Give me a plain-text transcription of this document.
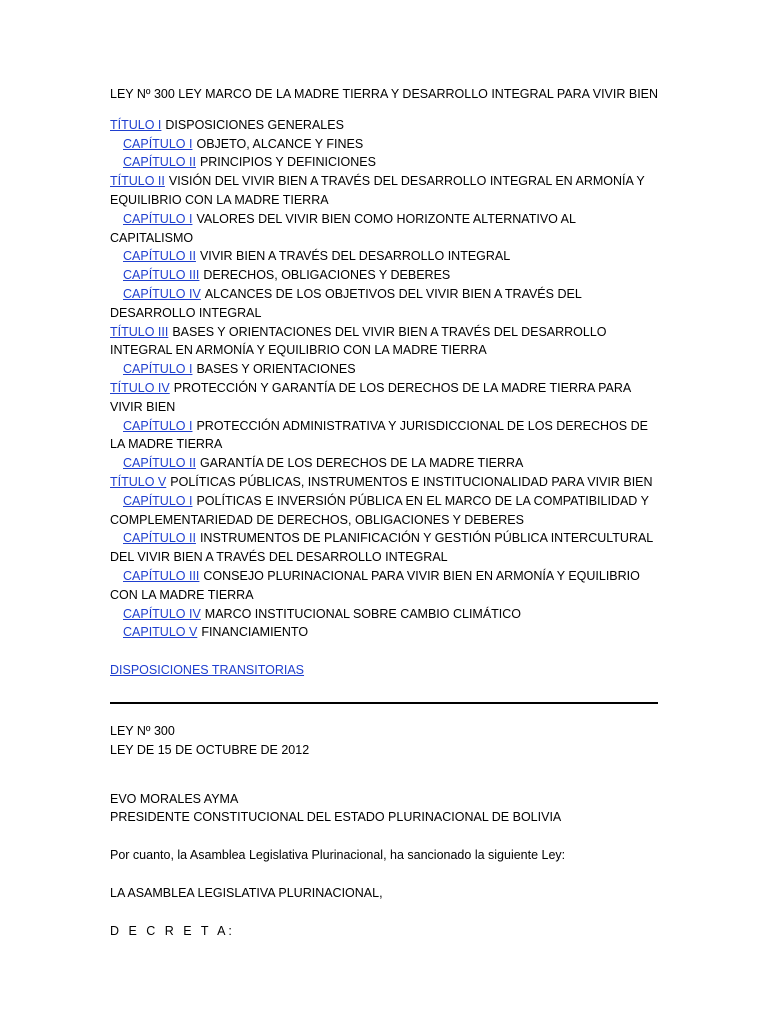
LEY Nº 300 LEY MARCO DE LA MADRE TIERRA Y DESARROLLO INTEGRAL PARA VIVIR BIEN

TÍTULO I DISPOSICIONES GENERALES

CAPÍTULO I OBJETO, ALCANCE Y FINES

CAPÍTULO II PRINCIPIOS Y DEFINICIONES

TÍTULO II VISIÓN DEL VIVIR BIEN A TRAVÉS DEL DESARROLLO INTEGRAL EN ARMONÍA Y EQUILIBRIO CON LA MADRE TIERRA

CAPÍTULO I VALORES DEL VIVIR BIEN COMO HORIZONTE ALTERNATIVO AL CAPITALISMO

CAPÍTULO II VIVIR BIEN A TRAVÉS DEL DESARROLLO INTEGRAL

CAPÍTULO III DERECHOS, OBLIGACIONES Y DEBERES

CAPÍTULO IV ALCANCES DE LOS OBJETIVOS DEL VIVIR BIEN A TRAVÉS DEL DESARROLLO INTEGRAL

TÍTULO III BASES Y ORIENTACIONES DEL VIVIR BIEN A TRAVÉS DEL DESARROLLO INTEGRAL EN ARMONÍA Y EQUILIBRIO CON LA MADRE TIERRA

CAPÍTULO I BASES Y ORIENTACIONES

TÍTULO IV PROTECCIÓN Y GARANTÍA DE LOS DERECHOS DE LA MADRE TIERRA PARA VIVIR BIEN

CAPÍTULO I PROTECCIÓN ADMINISTRATIVA Y JURISDICCIONAL DE LOS DERECHOS DE LA MADRE TIERRA

CAPÍTULO II GARANTÍA DE LOS DERECHOS DE LA MADRE TIERRA

TÍTULO V POLÍTICAS PÚBLICAS, INSTRUMENTOS E INSTITUCIONALIDAD PARA VIVIR BIEN

CAPÍTULO I POLÍTICAS E INVERSIÓN PÚBLICA EN EL MARCO DE LA COMPATIBILIDAD Y COMPLEMENTARIEDAD DE DERECHOS, OBLIGACIONES Y DEBERES

CAPÍTULO II INSTRUMENTOS DE PLANIFICACIÓN Y GESTIÓN PÚBLICA INTERCULTURAL DEL VIVIR BIEN A TRAVÉS DEL DESARROLLO INTEGRAL

CAPÍTULO III CONSEJO PLURINACIONAL PARA VIVIR BIEN EN ARMONÍA Y EQUILIBRIO CON LA MADRE TIERRA

CAPÍTULO IV MARCO INSTITUCIONAL SOBRE CAMBIO CLIMÁTICO

CAPITULO V FINANCIAMIENTO

DISPOSICIONES TRANSITORIAS

LEY Nº 300

LEY DE 15 DE OCTUBRE DE 2012

EVO MORALES AYMA

PRESIDENTE CONSTITUCIONAL DEL ESTADO PLURINACIONAL DE BOLIVIA

Por cuanto, la Asamblea Legislativa Plurinacional, ha sancionado la siguiente Ley:

LA ASAMBLEA LEGISLATIVA PLURINACIONAL,

D E C R E T A:
